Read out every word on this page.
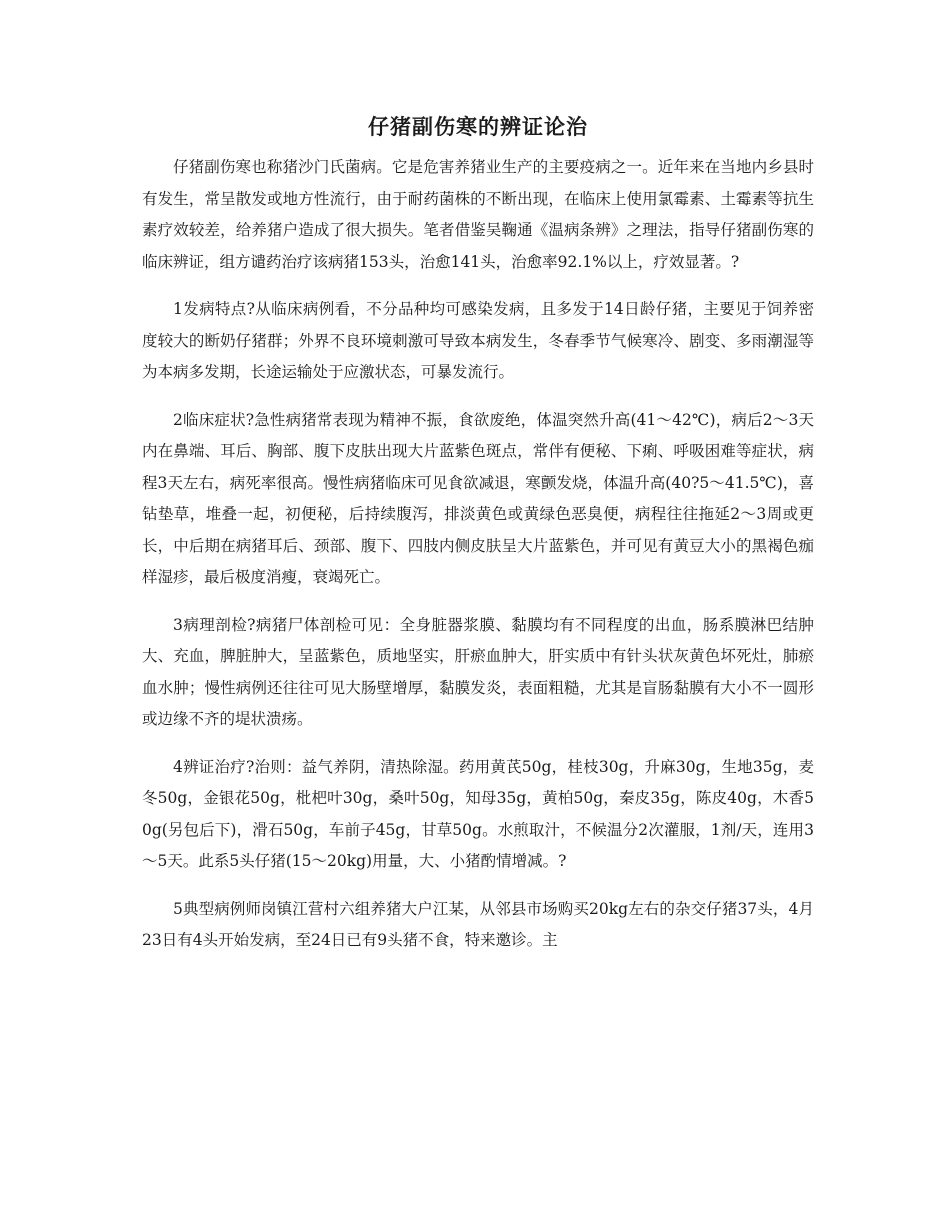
仔猪副伤寒的辨证论治

仔猪副伤寒也称猪沙门氏菌病。它是危害养猪业生产的主要疫病之一。近年来在当地内乡县时有发生，常呈散发或地方性流行，由于耐药菌株的不断出现，在临床上使用氯霉素、土霉素等抗生素疗效较差，给养猪户造成了很大损失。笔者借鉴吴鞠通《温病条辨》之理法，指导仔猪副伤寒的临床辨证，组方谴药治疗该病猪153头，治愈141头，治愈率92.1%以上，疗效显著。?

1发病特点?从临床病例看，不分品种均可感染发病，且多发于14日龄仔猪，主要见于饲养密度较大的断奶仔猪群；外界不良环境刺激可导致本病发生，冬春季节气候寒冷、剧变、多雨潮湿等为本病多发期，长途运输处于应激状态，可暴发流行。

2临床症状?急性病猪常表现为精神不振，食欲废绝，体温突然升高(41～42℃)，病后2～3天内在鼻端、耳后、胸部、腹下皮肤出现大片蓝紫色斑点，常伴有便秘、下痢、呼吸困难等症状，病程3天左右，病死率很高。慢性病猪临床可见食欲减退，寒颤发烧，体温升高(40?5～41.5℃)，喜钻垫草，堆叠一起，初便秘，后持续腹泻，排淡黄色或黄绿色恶臭便，病程往往拖延2～3周或更长，中后期在病猪耳后、颈部、腹下、四肢内侧皮肤呈大片蓝紫色，并可见有黄豆大小的黑褐色痂样湿疹，最后极度消瘦，衰竭死亡。

3病理剖检?病猪尸体剖检可见：全身脏器浆膜、黏膜均有不同程度的出血，肠系膜淋巴结肿大、充血，脾脏肿大，呈蓝紫色，质地坚实，肝瘀血肿大，肝实质中有针头状灰黄色坏死灶，肺瘀血水肿；慢性病例还往往可见大肠壁增厚，黏膜发炎，表面粗糙，尤其是盲肠黏膜有大小不一圆形或边缘不齐的堤状溃疡。

4辨证治疗?治则：益气养阴，清热除湿。药用黄芪50g，桂枝30g，升麻30g，生地35g，麦冬50g，金银花50g，枇杷叶30g，桑叶50g，知母35g，黄柏50g，秦皮35g，陈皮40g，木香50g(另包后下)，滑石50g，车前子45g，甘草50g。水煎取汁，不候温分2次灌服，1剂/天，连用3～5天。此系5头仔猪(15～20kg)用量，大、小猪酌情增减。?

5典型病例师岗镇江营村六组养猪大户江某，从邻县市场购买20kg左右的杂交仔猪37头，4月23日有4头开始发病，至24日已有9头猪不食，特来邀诊。主
